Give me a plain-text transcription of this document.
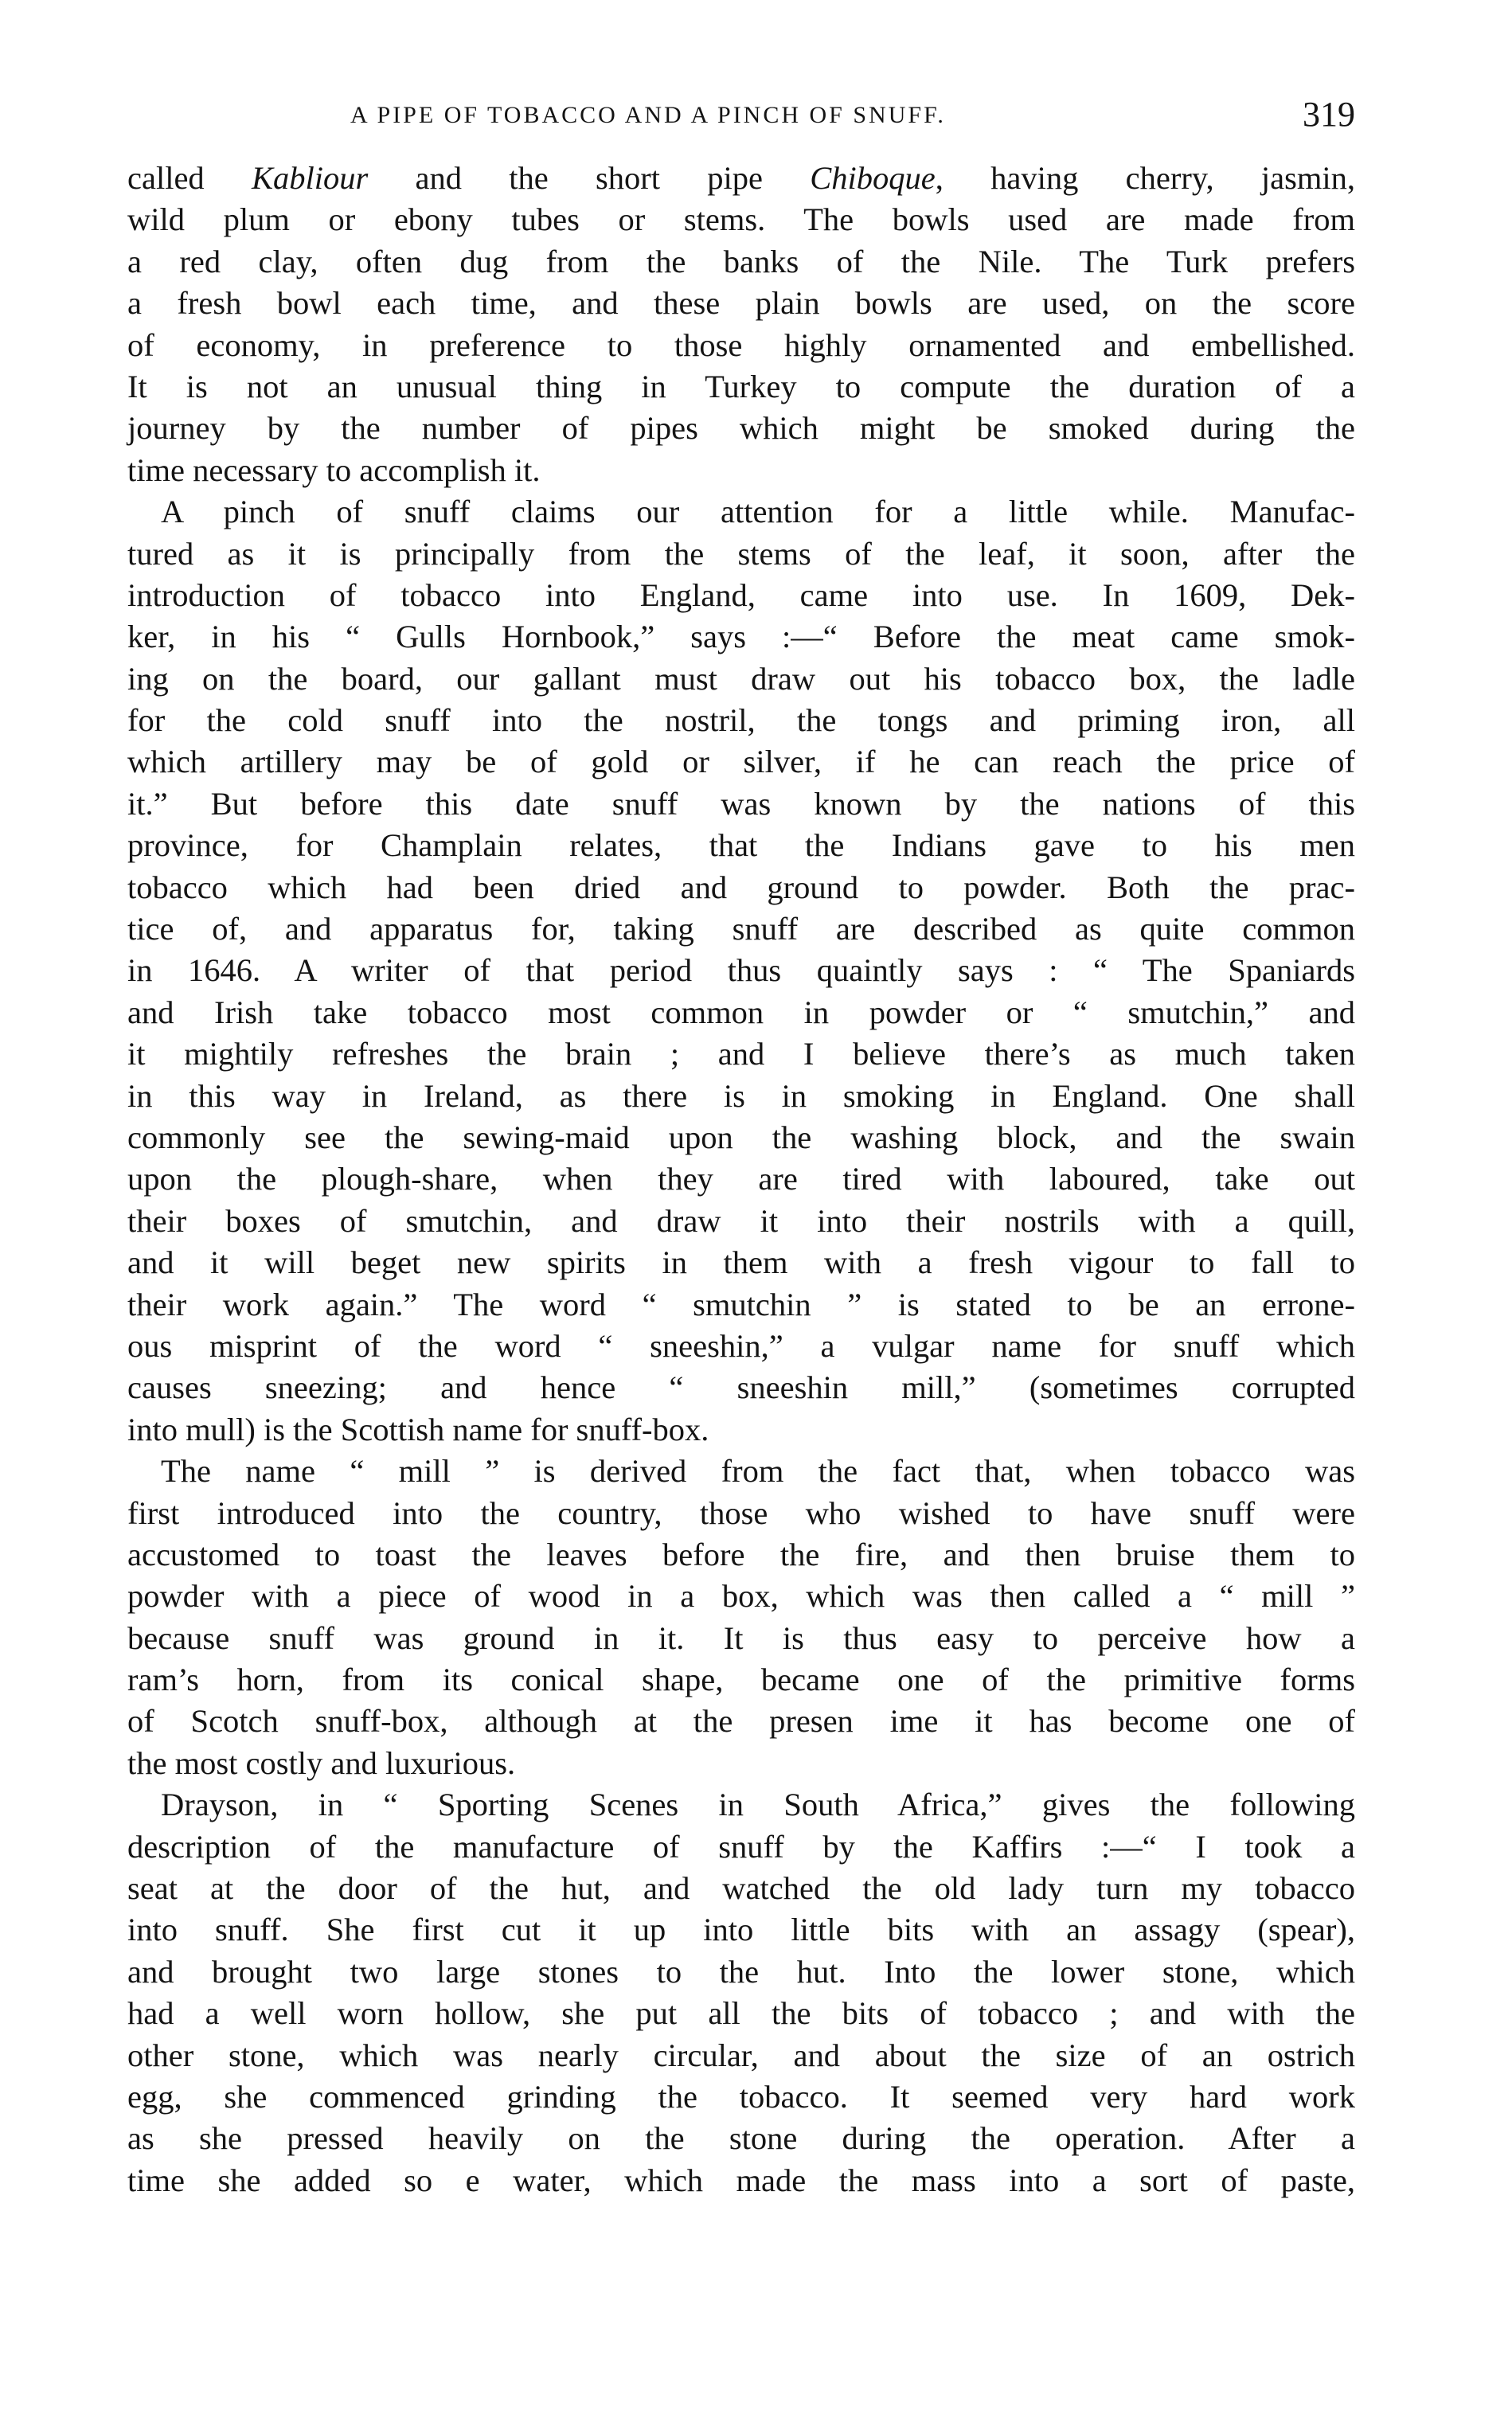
A PIPE OF TOBACCO AND A PINCH OF SNUFF.	319
called Kabliour and the short pipe Chiboque, having cherry, jasmin,
wild plum or ebony tubes or stems. The bowls used are made from
a red clay, often dug from the banks of the Nile. The Turk prefers
a fresh bowl each time, and these plain bowls are used, on the score
of economy, in preference to those highly ornamented and embellished.
It is not an unusual thing in Turkey to compute the duration of a
journey by the number of pipes which might be smoked during the
time necessary to accomplish it.
A pinch of snuff claims our attention for a little while. Manufac-
tured as it is principally from the stems of the leaf, it soon, after the
introduction of tobacco into England, came into use. In 1609, Dek-
ker, in his “ Gulls Hornbook,” says :—“ Before the meat came smok-
ing on the board, our gallant must draw out his tobacco box, the ladle
for the cold snuff into the nostril, the tongs and priming iron, all
which artillery may be of gold or silver, if he can reach the price of
it.” But before this date snuff was known by the nations of this
province, for Champlain relates, that the Indians gave to his men
tobacco which had been dried and ground to powder. Both the prac-
tice of, and apparatus for, taking snuff are described as quite common
in 1646. A writer of that period thus quaintly says : “ The Spaniards
and Irish take tobacco most common in powder or “ smutchin,” and
it mightily refreshes the brain ; and I believe there’s as much taken
in this way in Ireland, as there is in smoking in England. One shall
commonly see the sewing-maid upon the washing block, and the swain
upon the plough-share, when they are tired with laboured, take out
their boxes of smutchin, and draw it into their nostrils with a quill,
and it will beget new spirits in them with a fresh vigour to fall to
their work again.” The word “ smutchin ” is stated to be an errone-
ous misprint of the word “ sneeshin,” a vulgar name for snuff which
causes sneezing; and hence “ sneeshin mill,” (sometimes corrupted
into mull) is the Scottish name for snuff-box.
The name “ mill ” is derived from the fact that, when tobacco was
first introduced into the country, those who wished to have snuff were
accustomed to toast the leaves before the fire, and then bruise them to
powder with a piece of wood in a box, which was then called a “ mill ”
because snuff was ground in it. It is thus easy to perceive how a
ram’s horn, from its conical shape, became one of the primitive forms
of Scotch snuff-box, although at the presen ime it has become one of
the most costly and luxurious.
Drayson, in “ Sporting Scenes in South Africa,” gives the following
description of the manufacture of snuff by the Kaffirs :—“ I took a
seat at the door of the hut, and watched the old lady turn my tobacco
into snuff. She first cut it up into little bits with an assagy (spear),
and brought two large stones to the hut. Into the lower stone, which
had a well worn hollow, she put all the bits of tobacco ; and with the
other stone, which was nearly circular, and about the size of an ostrich
egg, she commenced grinding the tobacco. It seemed very hard work
as she pressed heavily on the stone during the operation. After a
time she added so e water, which made the mass into a sort of paste,
